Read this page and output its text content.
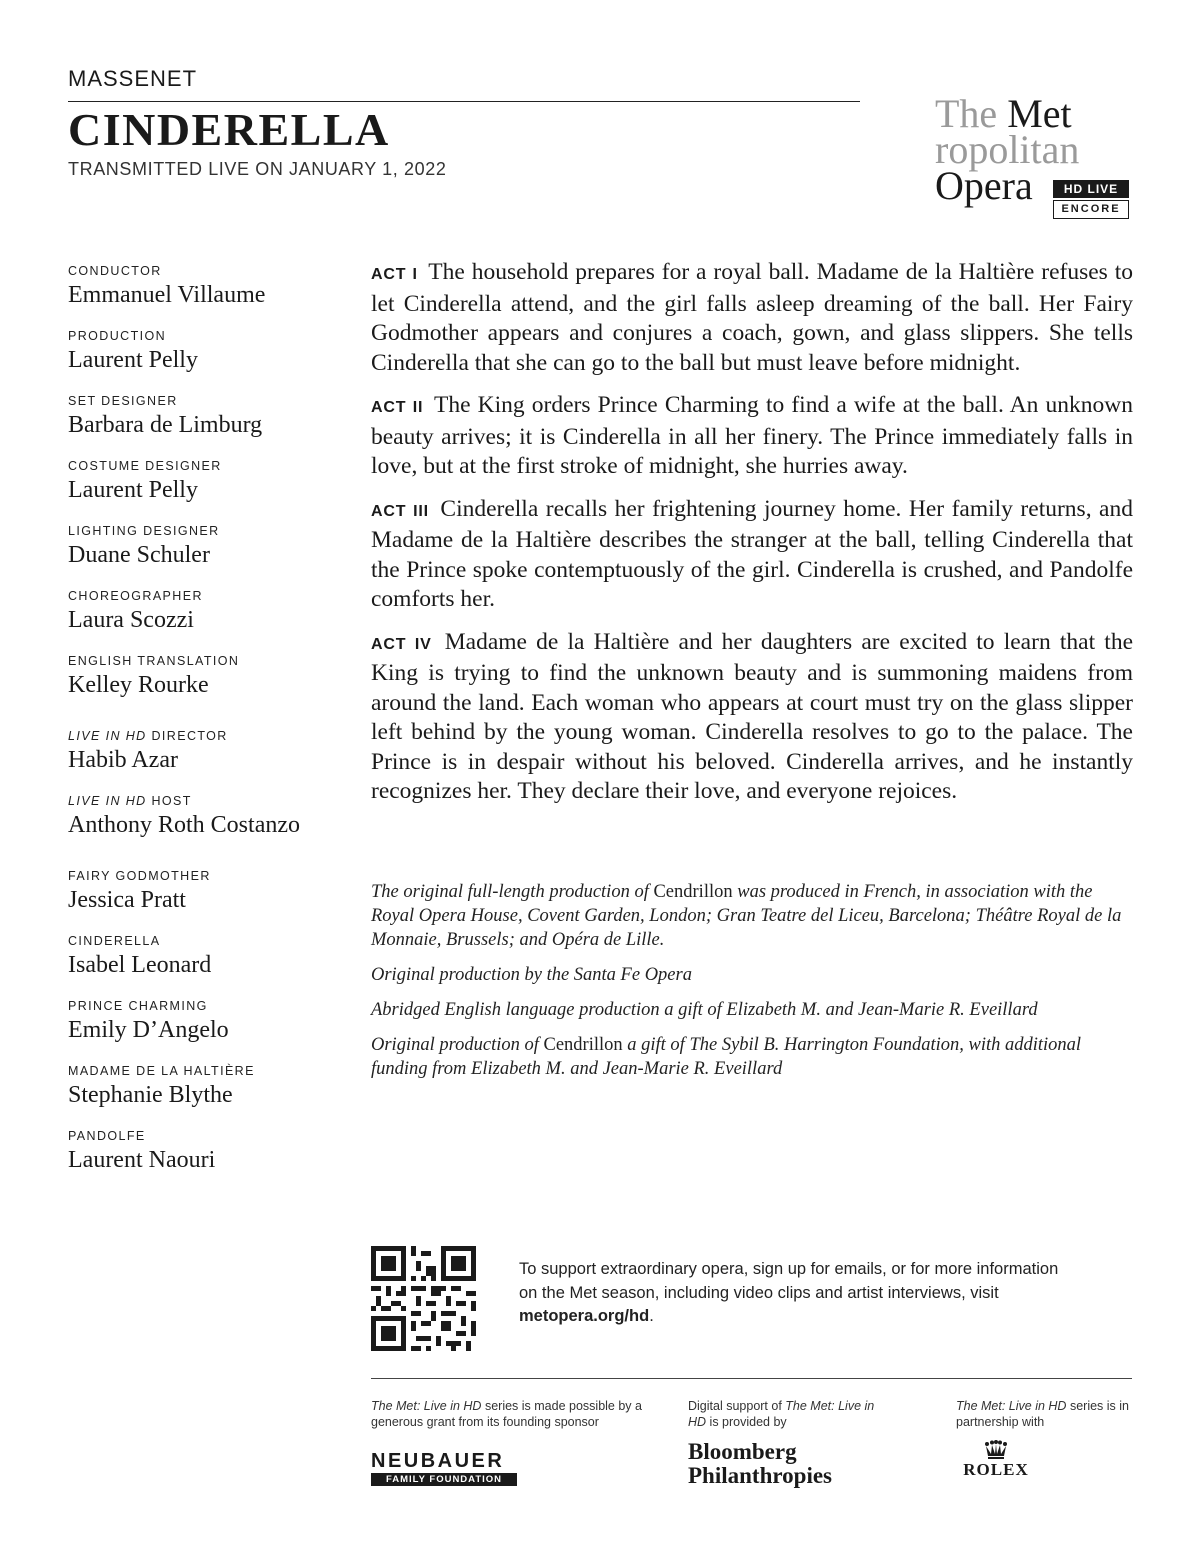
MASSENET
CINDERELLA
TRANSMITTED LIVE ON JANUARY 1, 2022
The Met
ropolitan
Opera	HD LIVE
ENCORE
CONDUCTOR
Emmanuel Villaume
PRODUCTION
Laurent Pelly
SET DESIGNER
Barbara de Limburg
COSTUME DESIGNER
Laurent Pelly
LIGHTING DESIGNER
Duane Schuler
CHOREOGRAPHER
Laura Scozzi
ENGLISH TRANSLATION
Kelley Rourke
LIVE IN HD DIRECTOR
Habib Azar
LIVE IN HD HOST
Anthony Roth Costanzo
FAIRY GODMOTHER
Jessica Pratt
CINDERELLA
Isabel Leonard
PRINCE CHARMING
Emily D’Angelo
MADAME DE LA HALTIÈRE
Stephanie Blythe
PANDOLFE
Laurent Naouri

ACT I The household prepares for a royal ball. Madame de la Haltière refuses to let Cinderella attend, and the girl falls asleep dreaming of the ball. Her Fairy Godmother appears and conjures a coach, gown, and glass slippers. She tells Cinderella that she can go to the ball but must leave before midnight.

ACT II The King orders Prince Charming to find a wife at the ball. An unknown beauty arrives; it is Cinderella in all her finery. The Prince immediately falls in love, but at the first stroke of midnight, she hurries away.

ACT III Cinderella recalls her frightening journey home. Her family returns, and Madame de la Haltière describes the stranger at the ball, telling Cinderella that the Prince spoke contemptuously of the girl. Cinderella is crushed, and Pandolfe comforts her.

ACT IV Madame de la Haltière and her daughters are excited to learn that the King is trying to find the unknown beauty and is summoning maidens from around the land. Each woman who appears at court must try on the glass slipper left behind by the young woman. Cinderella resolves to go to the palace. The Prince is in despair without his beloved. Cinderella arrives, and he instantly recognizes her. They declare their love, and everyone rejoices.

The original full-length production of Cendrillon was produced in French, in association with the Royal Opera House, Covent Garden, London; Gran Teatre del Liceu, Barcelona; Théâtre Royal de la Monnaie, Brussels; and Opéra de Lille.

Original production by the Santa Fe Opera

Abridged English language production a gift of Elizabeth M. and Jean-Marie R. Eveillard

Original production of Cendrillon a gift of The Sybil B. Harrington Foundation, with additional funding from Elizabeth M. and Jean-Marie R. Eveillard

To support extraordinary opera, sign up for emails, or for more information on the Met season, including video clips and artist interviews, visit metopera.org/hd.
The Met: Live in HD series is made possible by a generous grant from its founding sponsor
Digital support of The Met: Live in HD is provided by
The Met: Live in HD series is in partnership with
NEUBAUER
FAMILY FOUNDATION
Bloomberg
Philanthropies	ROLEX
